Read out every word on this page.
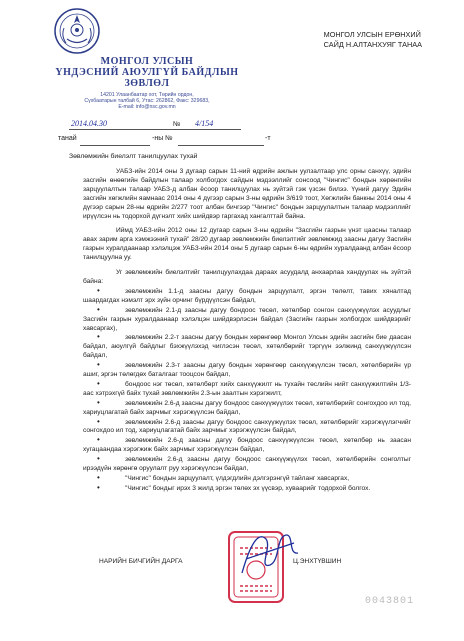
МОНГОЛ УЛСЫН
ҮНДЭСНИЙ АЮУЛГҮЙ БАЙДЛЫН
ЗӨВЛӨЛ
14201 Улаанбаатар хот, Төрийн ордон,
Сүхбаатарын талбай 6, Утас: 262862, Факс: 329683,
E-mail: info@nsc.gov.mn
МОНГОЛ УЛСЫН ЕРӨНХИЙ
САЙД Н.АЛТАНХУЯГ ТАНАА
2014.04.30	№ 4/154
танай	-ны №	-т
Зөвлөмжийн биелэлт танилцуулах тухай

УАБЗ-ийн 2014 оны 3 дугаар сарын 11-ний өдрийн ажлын уулзалтаар улс орны санхүү, эдийн засгийн өнөөгийн байдлын талаар холбогдох сайдын мэдээллийг сонсоод "Чингис" бондын хөрөнгийн зарцуулалтын талаар УАБЗ-д албан ёсоор танилцуулах нь зүйтэй гэж үзсэн билээ. Үүний дагуу Эдийн засгийн хөгжлийн яамнаас 2014 оны 4 дүгээр сарын 3-ны өдрийн 3/619 тоот, Хөгжлийн банкны 2014 оны 4 дүгээр сарын 28-ны өдрийн 2/277 тоот албан бичгээр "Чингис" бондын зарцуулалтын талаар мэдээллийг ирүүлсэн нь тодорхой дүгнэлт хийх шийдвэр гаргахад хангалттай байна.

Иймд УАБЗ-ийн 2012 оны 12 дугаар сарын 3-ны өдрийн "Засгийн газрын үнэт цаасны талаар авах зарим арга хэмжээний тухай" 28/20 дугаар зөвлөмжийн биелэлтийг зөвлөмжид заасны дагуу Засгийн газрын хуралдаанаар хэлэлцэж УАБЗ-ийн 2014 оны 5 дугаар сарын 6-ны өдрийн хуралдаанд албан ёсоор танилцуулна уу.

Уг зөвлөмжийн биелэлтийг танилцуулахдаа дараах асуудалд анхаарлаа хандуулах нь зүйтэй байна:

•	зөвлөмжийн 1.1-д заасны дагуу бондын зарцуулалт, эргэн төлөлт, тавих хяналтад шаардагдах нэмэлт эрх зүйн орчинг бүрдүүлсэн байдал,
•	зөвлөмжийн 2.1-д заасны дагуу бондоос төсөл, хөтөлбөр сонгон санхүүжүүлэх асуудлыг Засгийн газрын хуралдаанаар хэлэлцэн шийдвэрлэсэн байдал (Засгийн газрын холбогдох шийдвэрийг хавсаргах),
•	зөвлөмжийн 2.2-т заасны дагуу бондын хөрөнгөөр Монгол Улсын эдийн засгийн бие даасан байдал, аюулгүй байдлыг бэхжүүлэхэд чиглэсэн төсөл, хөтөлбөрийг тэргүүн ээлжинд санхүүжүүлсэн байдал,
•	зөвлөмжийн 2.3-т заасны дагуу бондын хөрөнгөөр санхүүжүүлсэн төсөл, хөтөлбөрийн үр ашиг, эргэн төлөгдөх баталгааг тооцсон байдал,
•	бондоос нэг төсөл, хөтөлбөрт хийх санхүүжилт нь тухайн төслийн нийт санхүүжилтийн 1/3-аас хэтрэхгүй байх тухай зөвлөмжийн 2.3-ын заалтын хэрэгжилт,
•	зөвлөмжийн 2.6-д заасны дагуу бондоос санхүүжүүлэх төсөл, хөтөлбөрийг сонгохдоо ил тод, хариуцлагатай байх зарчмыг хэрэгжүүлсэн байдал,
•	зөвлөмжийн 2.6-д заасны дагуу бондоос санхүүжүүлэх төсөл, хөтөлбөрийг хэрэгжүүлэгчийг сонгохдоо ил тод, хариуцлагатай байх зарчмыг хэрэгжүүлсэн байдал,
•	зөвлөмжийн 2.6-д заасны дагуу бондоос санхүүжүүлсэн төсөл, хөтөлбөр нь заасан хугацаандаа хэрэгжиж байх зарчмыг хэрэгжүүлсэн байдал,
•	зөвлөмжийн 2.6-д заасны дагуу бондоос санхүүжүүлэх төсөл, хөтөлбөрийн сонголтыг ирээдүйн хөрөнгө оруулалт руу хэрэгжүүлсэн байдал,
•	"Чингис" бондын зарцуулалт, үлдэгдлийн дэлгэрэнгүй тайланг хавсаргах,
•	"Чингис" бондыг ирэх 3 жилд эргэн төлөх эх үүсвэр, хуваарийг тодорхой болгох.
НАРИЙН БИЧГИЙН ДАРГА	Ц.ЭНХТҮВШИН
0043801
